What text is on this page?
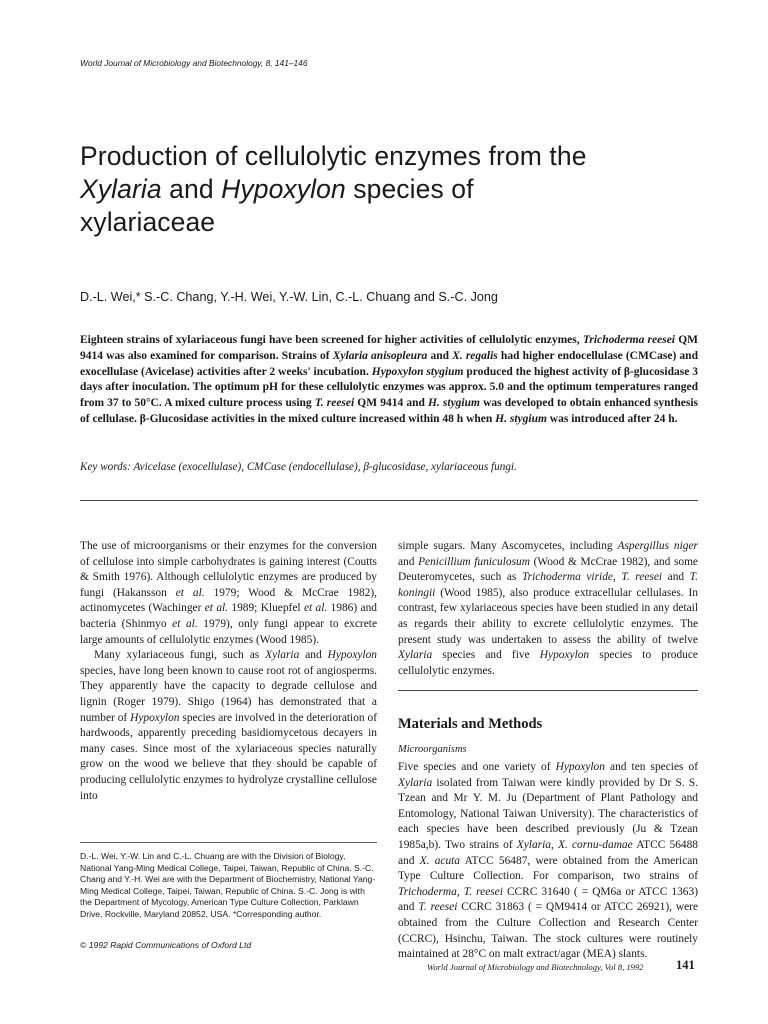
World Journal of Microbiology and Biotechnology, 8, 141–146
Production of cellulolytic enzymes from the
Xylaria and Hypoxylon species of
xylariaceae
D.-L. Wei,* S.-C. Chang, Y.-H. Wei, Y.-W. Lin, C.-L. Chuang and S.-C. Jong
Eighteen strains of xylariaceous fungi have been screened for higher activities of cellulolytic enzymes, Trichoderma reesei QM 9414 was also examined for comparison. Strains of Xylaria anisopleura and X. regalis had higher endocellulase (CMCase) and exocellulase (Avicelase) activities after 2 weeks' incubation. Hypoxylon stygium produced the highest activity of β-glucosidase 3 days after inoculation. The optimum pH for these cellulolytic enzymes was approx. 5.0 and the optimum temperatures ranged from 37 to 50°C. A mixed culture process using T. reesei QM 9414 and H. stygium was developed to obtain enhanced synthesis of cellulase. β-Glucosidase activities in the mixed culture increased within 48 h when H. stygium was introduced after 24 h.
Key words: Avicelase (exocellulase), CMCase (endocellulase), β-glucosidase, xylariaceous fungi.

The use of microorganisms or their enzymes for the conversion of cellulose into simple carbohydrates is gaining interest (Coutts & Smith 1976). Although cellulolytic enzymes are produced by fungi (Hakansson et al. 1979; Wood & McCrae 1982), actinomycetes (Wachinger et al. 1989; Kluepfel et al. 1986) and bacteria (Shinmyo et al. 1979), only fungi appear to excrete large amounts of cellulolytic enzymes (Wood 1985).

Many xylariaceous fungi, such as Xylaria and Hypoxylon species, have long been known to cause root rot of angiosperms. They apparently have the capacity to degrade cellulose and lignin (Roger 1979). Shigo (1964) has demonstrated that a number of Hypoxylon species are involved in the deterioration of hardwoods, apparently preceding basidiomycetous decayers in many cases. Since most of the xylariaceous species naturally grow on the wood we believe that they should be capable of producing cellulolytic enzymes to hydrolyze crystalline cellulose into

D.-L. Wei, Y.-W. Lin and C.-L. Chuang are with the Division of Biology, National Yang-Ming Medical College, Taipei, Taiwan, Republic of China. S.-C. Chang and Y.-H. Wei are with the Department of Biochemistry, National Yang-Ming Medical College, Taipei, Taiwan, Republic of China. S.-C. Jong is with the Department of Mycology, American Type Culture Collection, Parklawn Drive, Rockville, Maryland 20852, USA. *Corresponding author.
© 1992 Rapid Communications of Oxford Ltd

simple sugars. Many Ascomycetes, including Aspergillus niger and Penicillium funiculosum (Wood & McCrae 1982), and some Deuteromycetes, such as Trichoderma viride, T. reesei and T. koningii (Wood 1985), also produce extracellular cellulases. In contrast, few xylariaceous species have been studied in any detail as regards their ability to excrete cellulolytic enzymes. The present study was undertaken to assess the ability of twelve Xylaria species and five Hypoxylon species to produce cellulolytic enzymes.

Materials and Methods
Microorganisms

Five species and one variety of Hypoxylon and ten species of Xylaria isolated from Taiwan were kindly provided by Dr S. S. Tzean and Mr Y. M. Ju (Department of Plant Pathology and Entomology, National Taiwan University). The characteristics of each species have been described previously (Ju & Tzean 1985a,b). Two strains of Xylaria, X. cornu-damae ATCC 56488 and X. acuta ATCC 56487, were obtained from the American Type Culture Collection. For comparison, two strains of Trichoderma, T. reesei CCRC 31640 ( = QM6a or ATCC 1363) and T. reesei CCRC 31863 ( = QM9414 or ATCC 26921), were obtained from the Culture Collection and Research Center (CCRC), Hsinchu, Taiwan. The stock cultures were routinely maintained at 28°C on malt extract/agar (MEA) slants.

World Journal of Microbiology and Biotechnology, Vol 8, 1992	141
